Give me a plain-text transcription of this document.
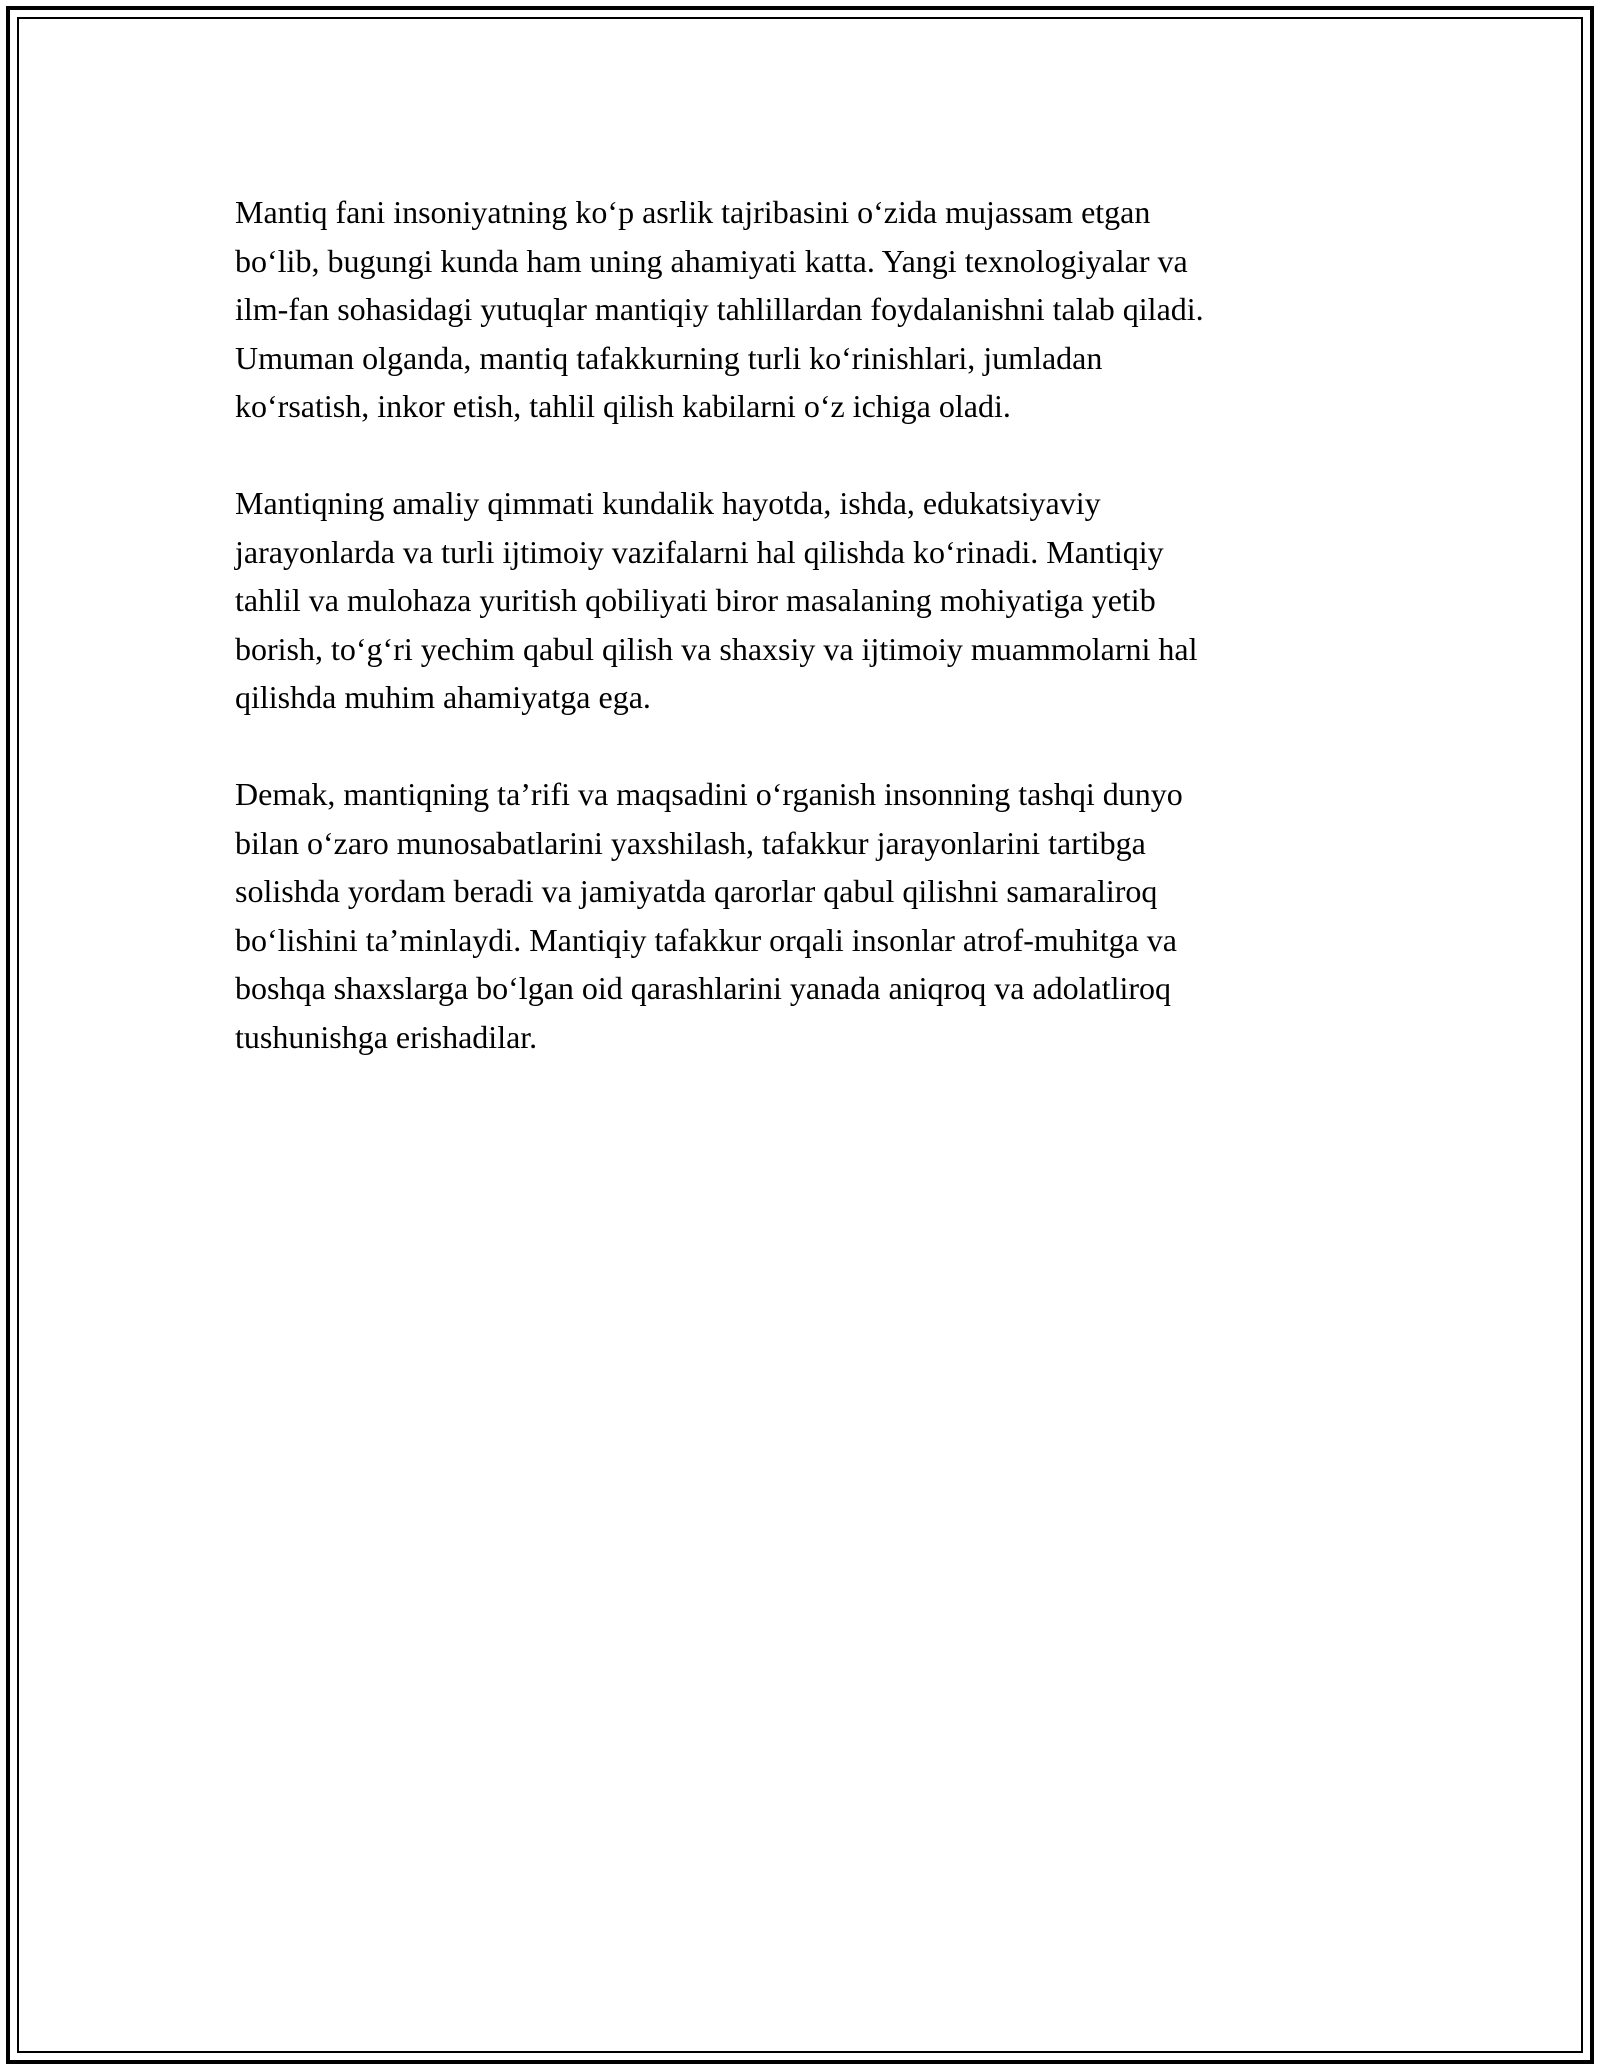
Mantiq fani insoniyatning ko‘p asrlik tajribasini o‘zida mujassam etgan
bo‘lib, bugungi kunda ham uning ahamiyati katta. Yangi texnologiyalar va
ilm-fan sohasidagi yutuqlar mantiqiy tahlillardan foydalanishni talab qiladi.
Umuman olganda, mantiq tafakkurning turli ko‘rinishlari, jumladan
ko‘rsatish, inkor etish, tahlil qilish kabilarni o‘z ichiga oladi.
Mantiqning amaliy qimmati kundalik hayotda, ishda, edukatsiyaviy
jarayonlarda va turli ijtimoiy vazifalarni hal qilishda ko‘rinadi. Mantiqiy
tahlil va mulohaza yuritish qobiliyati biror masalaning mohiyatiga yetib
borish, to‘g‘ri yechim qabul qilish va shaxsiy va ijtimoiy muammolarni hal
qilishda muhim ahamiyatga ega.
Demak, mantiqning ta’rifi va maqsadini o‘rganish insonning tashqi dunyo
bilan o‘zaro munosabatlarini yaxshilash, tafakkur jarayonlarini tartibga
solishda yordam beradi va jamiyatda qarorlar qabul qilishni samaraliroq
bo‘lishini ta’minlaydi. Mantiqiy tafakkur orqali insonlar atrof-muhitga va
boshqa shaxslarga bo‘lgan oid qarashlarini yanada aniqroq va adolatliroq
tushunishga erishadilar.
